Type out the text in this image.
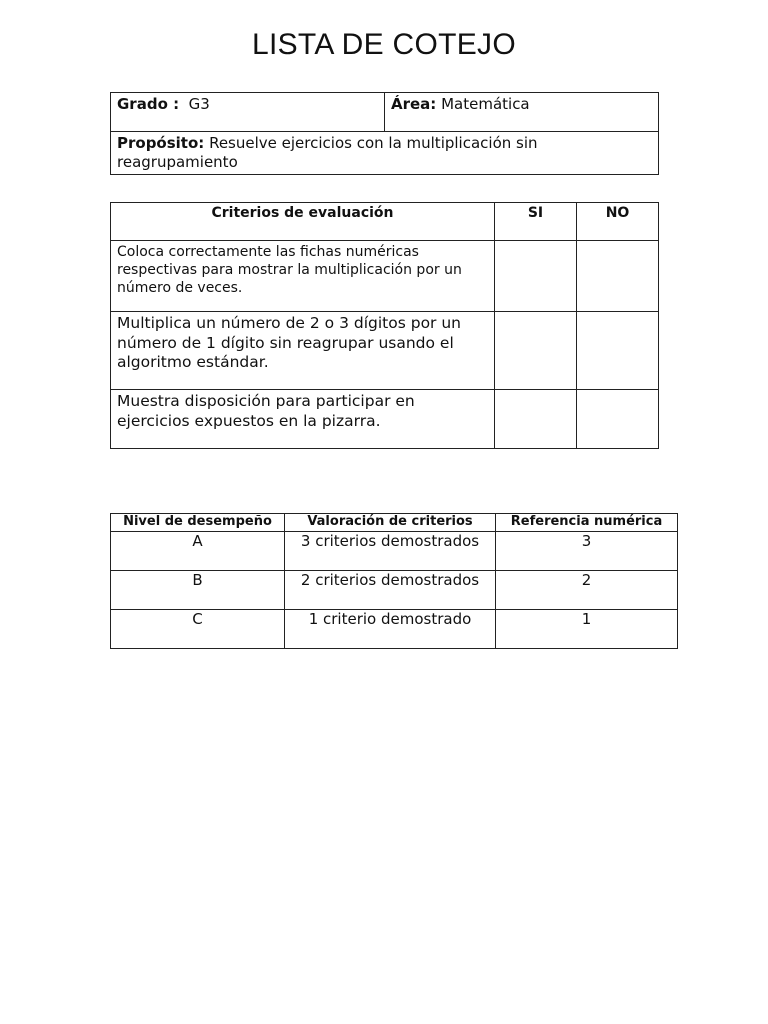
LISTA DE COTEJO
Grado : G3	Área: Matemática
Propósito: Resuelve ejercicios con la multiplicación sin reagrupamiento
Criterios de evaluación	SI	NO
Coloca correctamente las fichas numéricas respectivas para mostrar la multiplicación por un número de veces.		
Multiplica un número de 2 o 3 dígitos por un número de 1 dígito sin reagrupar usando el algoritmo estándar.		
Muestra disposición para participar en ejercicios expuestos en la pizarra.		
Nivel de desempeño	Valoración de criterios	Referencia numérica
A	3 criterios demostrados	3
B	2 criterios demostrados	2
C	1 criterio demostrado	1
